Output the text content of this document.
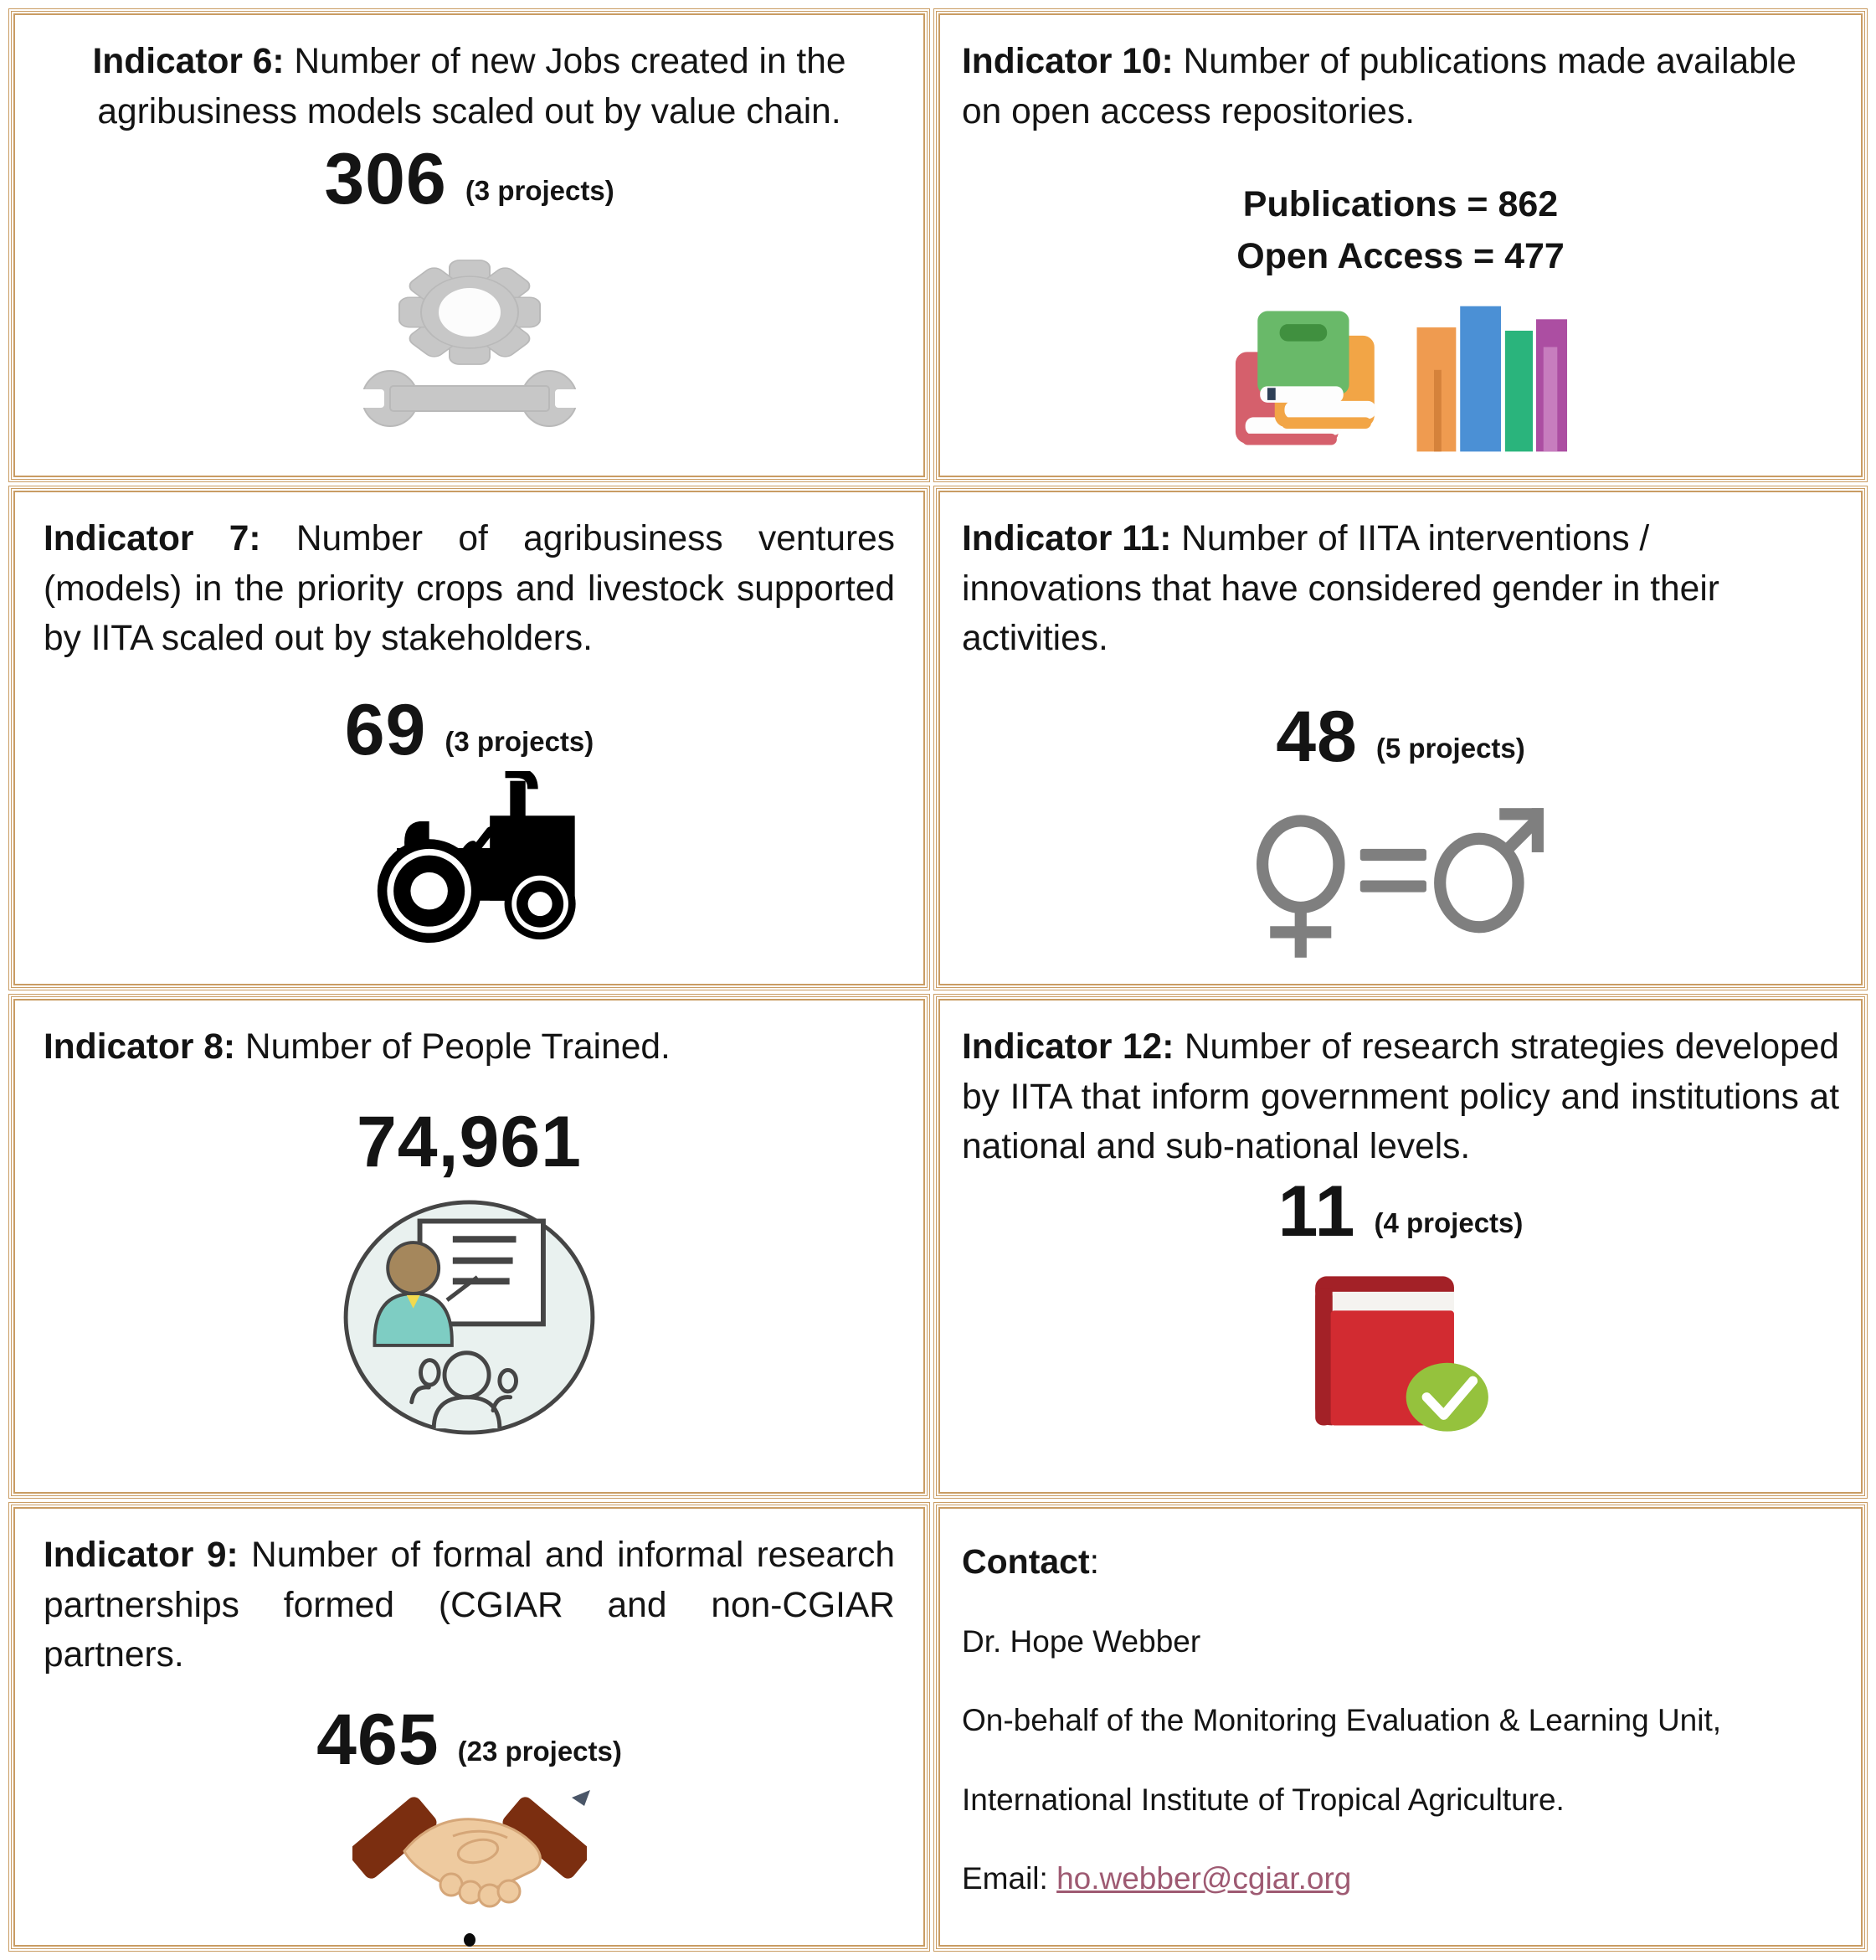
Indicator 6: Number of new Jobs created in the agribusiness models scaled out by value chain.

306 (3 projects)

Indicator 10: Number of publications made available on open access repositories.

Publications = 862
Open Access = 477

Indicator 7: Number of agribusiness ventures (models) in the priority crops and livestock supported by IITA scaled out by stakeholders.

69 (3 projects)

Indicator 11: Number of IITA interventions / innovations that have considered gender in their activities.

48 (5 projects)

Indicator 8: Number of People Trained.

74,961

Indicator 12: Number of research strategies developed by IITA that inform government policy and institutions at national and sub-national levels.

11 (4 projects)

Indicator 9: Number of formal and informal research partnerships formed (CGIAR and non-CGIAR partners.

465 (23 projects)
Contact:

Dr. Hope Webber

On-behalf of the Monitoring Evaluation & Learning Unit,

International Institute of Tropical Agriculture.

Email: ho.webber@cgiar.org
